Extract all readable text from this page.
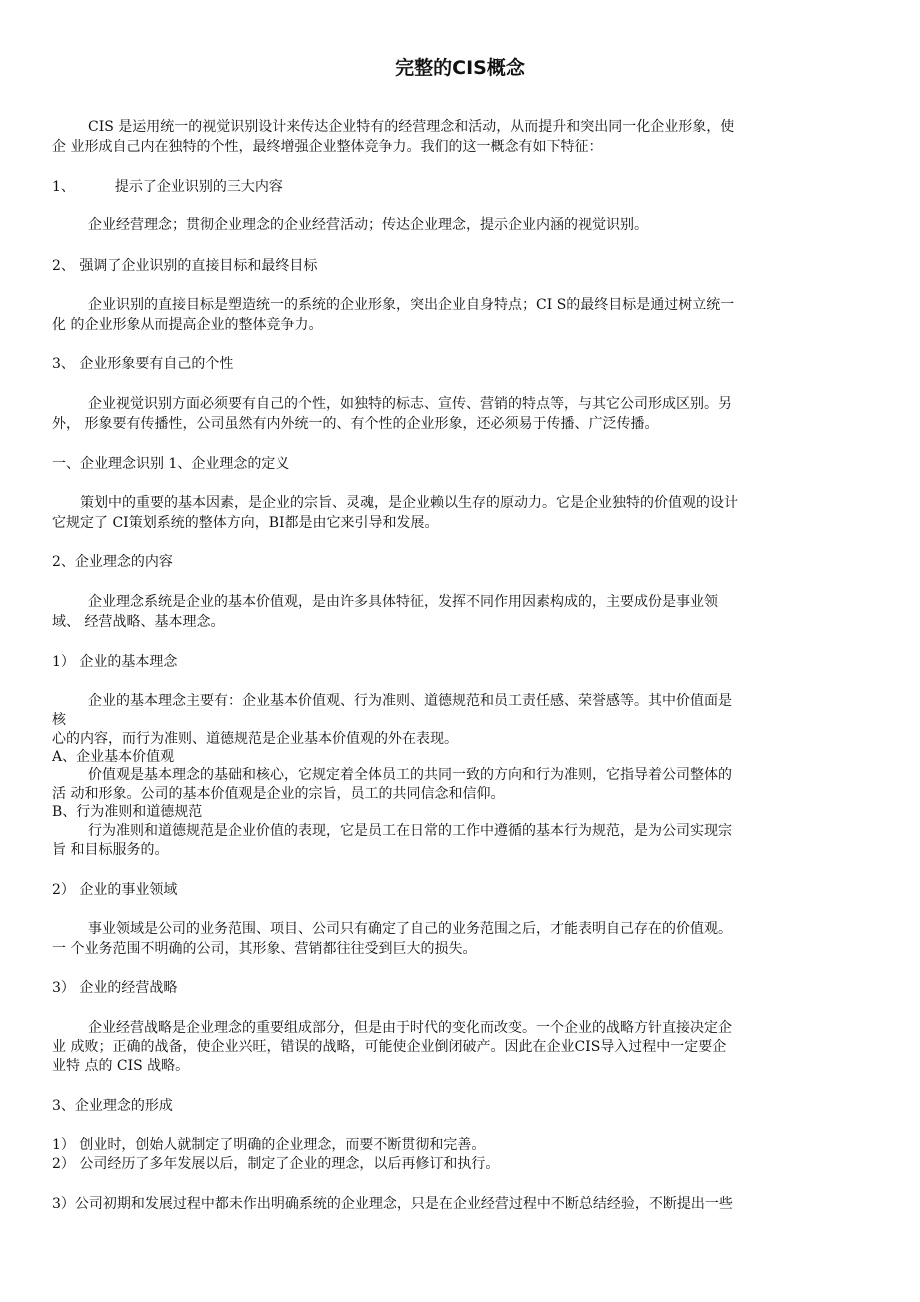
完整的CIS概念
CIS 是运用统一的视觉识别设计来传达企业特有的经营理念和活动，从而提升和突出同一化企业形象，使
企 业形成自己内在独特的个性，最终增强企业整体竞争力。我们的这一概念有如下特征：
1、	提示了企业识别的三大内容
企业经营理念；贯彻企业理念的企业经营活动；传达企业理念，提示企业内涵的视觉识别。
2、 强调了企业识别的直接目标和最终目标
企业识别的直接目标是塑造统一的系统的企业形象，突出企业自身特点；CI S的最终目标是通过树立统一
化 的企业形象从而提高企业的整体竞争力。
3、 企业形象要有自己的个性
企业视觉识别方面必须要有自己的个性，如独特的标志、宣传、营销的特点等，与其它公司形成区别。另
外， 形象要有传播性，公司虽然有内外统一的、有个性的企业形象，还必须易于传播、广泛传播。
一、企业理念识别 1、企业理念的定义
策划中的重要的基本因素，是企业的宗旨、灵魂，是企业赖以生存的原动力。它是企业独特的价值观的设计
它规定了 CI策划系统的整体方向，BI都是由它来引导和发展。
2、企业理念的内容
企业理念系统是企业的基本价值观，是由许多具体特征，发挥不同作用因素构成的，主要成份是事业领
域、 经营战略、基本理念。
1） 企业的基本理念
企业的基本理念主要有：企业基本价值观、行为准则、道德规范和员工责任感、荣誉感等。其中价值面是
核
心的内容，而行为准则、道德规范是企业基本价值观的外在表现。
A、企业基本价值观
价值观是基本理念的基础和核心，它规定着全体员工的共同一致的方向和行为准则，它指导着公司整体的
活 动和形象。公司的基本价值观是企业的宗旨，员工的共同信念和信仰。
B、行为准则和道德规范
行为准则和道德规范是企业价值的表现，它是员工在日常的工作中遵循的基本行为规范，是为公司实现宗
旨 和目标服务的。
2） 企业的事业领域
事业领域是公司的业务范围、项目、公司只有确定了自己的业务范围之后，才能表明自己存在的价值观。
一 个业务范围不明确的公司，其形象、营销都往往受到巨大的损失。
3） 企业的经营战略
企业经营战略是企业理念的重要组成部分，但是由于时代的变化而改变。一个企业的战略方针直接决定企
业 成败；正确的战备，使企业兴旺，错误的战略，可能使企业倒闭破产。因此在企业CIS导入过程中一定要企
业特 点的 CIS 战略。
3、企业理念的形成
1） 创业时，创始人就制定了明确的企业理念，而要不断贯彻和完善。
2） 公司经历了多年发展以后，制定了企业的理念，以后再修订和执行。
3）公司初期和发展过程中都未作出明确系统的企业理念，只是在企业经营过程中不断总结经验，不断提出一些
